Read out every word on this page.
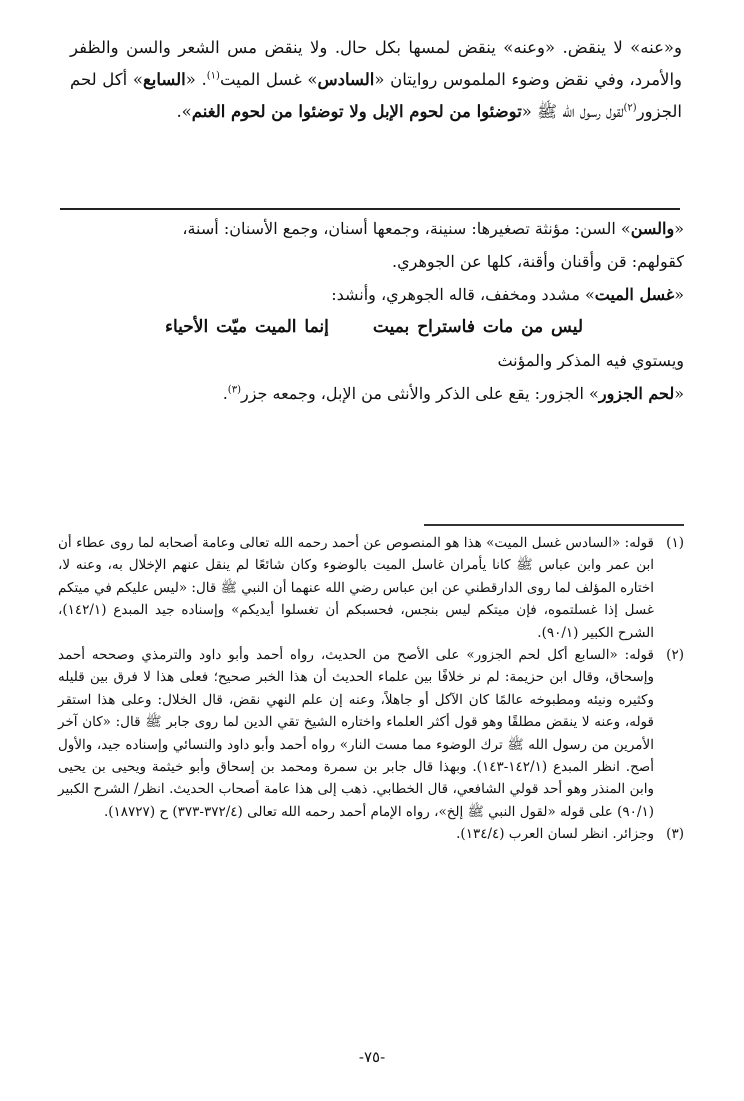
و«عنه» لا ينقض. «وعنه» ينقض لمسها بكل حال. ولا ينقض مس الشعر والسن والظفر والأمرد، وفي نقض وضوء الملموس روايتان «السادس» غسل الميت$^{(١)}$. «السابع» أكل لحم الجزور$^{(٢)}$لقول رسول الله ﷺ «توضئوا من لحوم الإبل ولا توضئوا من لحوم الغنم».

«والسن» السن: مؤنثة تصغيرها: سنينة، وجمعها أسنان، وجمع الأسنان: أسنة،

كقولهم: قن وأقنان وأقنة، كلها عن الجوهري.

«غسل الميت» مشدد ومخفف، قاله الجوهري، وأنشد:

ليس من مات فاستراح بميتإنما الميت ميّت الأحياء

ويستوي فيه المذكر والمؤنث

«لحم الجزور» الجزور: يقع على الذكر والأنثى من الإبل، وجمعه جزر$^{(٣)}$.

(١)
قوله: «السادس غسل الميت» هذا هو المنصوص عن أحمد رحمه الله تعالى وعامة أصحابه لما روى عطاء أن ابن عمر وابن عباس ﷺ كانا يأمران غاسل الميت بالوضوء وكان شائعًا لم ينقل عنهم الإخلال به، وعنه لا، اختاره المؤلف لما روى الدارقطني عن ابن عباس رضي الله عنهما أن النبي ﷺ قال: «ليس عليكم في ميتكم غسل إذا غسلتموه، فإن ميتكم ليس بنجس، فحسبكم أن تغسلوا أيديكم» وإسناده جيد المبدع (١٤٢/١)، الشرح الكبير (٩٠/١).
(٢)
قوله: «السابع أكل لحم الجزور» على الأصح من الحديث، رواه أحمد وأبو داود والترمذي وصححه أحمد وإسحاق، وقال ابن حزيمة: لم نر خلافًا بين علماء الحديث أن هذا الخبر صحيح؛ فعلى هذا لا فرق بين قليله وكثيره ونيئه ومطبوخه عالمًا كان الآكل أو جاهلاً، وعنه إن علم النهي نقض، قال الخلال: وعلى هذا استقر قوله، وعنه لا ينقض مطلقًا وهو قول أكثر العلماء واختاره الشيخ تقي الدين لما روى جابر ﷺ قال: «كان آخر الأمرين من رسول الله ﷺ ترك الوضوء مما مست النار» رواه أحمد وأبو داود والنسائي وإسناده جيد، والأول أصح. انظر المبدع (١٤٢/١-١٤٣). وبهذا قال جابر بن سمرة ومحمد بن إسحاق وأبو خيثمة ويحيى بن يحيى وابن المنذر وهو أحد قولي الشافعي، قال الخطابي. ذهب إلى هذا عامة أصحاب الحديث. انظر/ الشرح الكبير (٩٠/١) على قوله «لقول النبي ﷺ إلخ»، رواه الإمام أحمد رحمه الله تعالى (٣٧٢/٤-٣٧٣) ح (١٨٧٢٧).
(٣)
وجزائر. انظر لسان العرب (١٣٤/٤).
-٧٥-
